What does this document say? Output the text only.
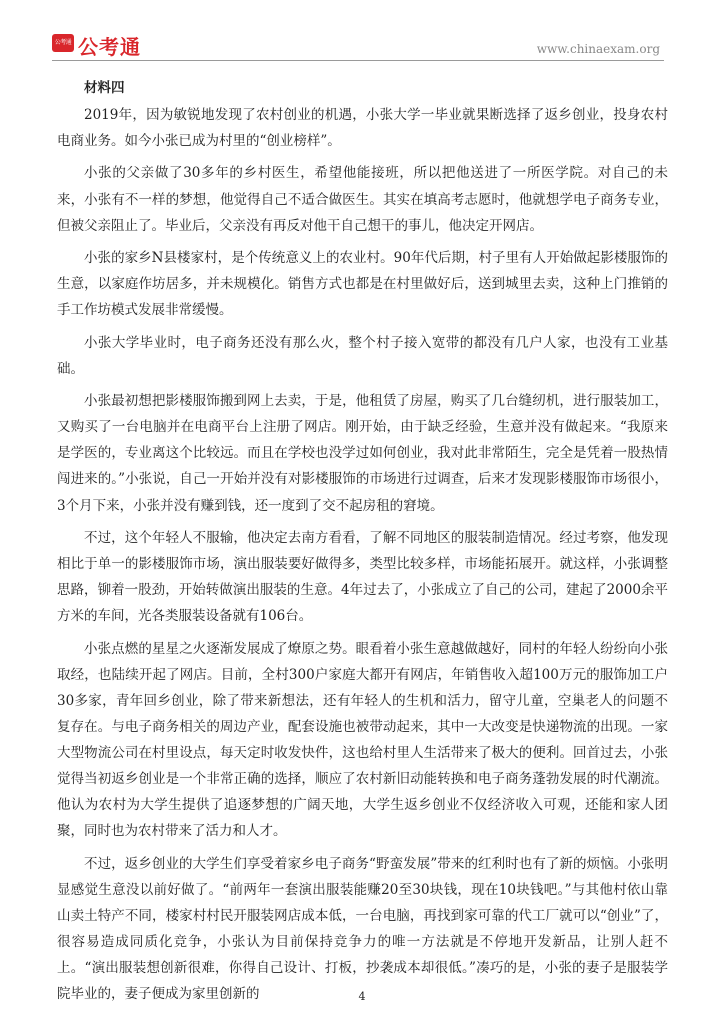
公考通 公考通	www.chinaexam.org
材料四

2019年，因为敏锐地发现了农村创业的机遇，小张大学一毕业就果断选择了返乡创业，投身农村电商业务。如今小张已成为村里的“创业榜样”。

小张的父亲做了30多年的乡村医生，希望他能接班，所以把他送进了一所医学院。对自己的未来，小张有不一样的梦想，他觉得自己不适合做医生。其实在填高考志愿时，他就想学电子商务专业，但被父亲阻止了。毕业后，父亲没有再反对他干自己想干的事儿，他决定开网店。

小张的家乡N县楼家村，是个传统意义上的农业村。90年代后期，村子里有人开始做起影楼服饰的生意，以家庭作坊居多，并未规模化。销售方式也都是在村里做好后，送到城里去卖，这种上门推销的手工作坊模式发展非常缓慢。

小张大学毕业时，电子商务还没有那么火，整个村子接入宽带的都没有几户人家，也没有工业基础。

小张最初想把影楼服饰搬到网上去卖，于是，他租赁了房屋，购买了几台缝纫机，进行服装加工，又购买了一台电脑并在电商平台上注册了网店。刚开始，由于缺乏经验，生意并没有做起来。“我原来是学医的，专业离这个比较远。而且在学校也没学过如何创业，我对此非常陌生，完全是凭着一股热情闯进来的。”小张说，自己一开始并没有对影楼服饰的市场进行过调查，后来才发现影楼服饰市场很小，3个月下来，小张并没有赚到钱，还一度到了交不起房租的窘境。

不过，这个年轻人不服输，他决定去南方看看，了解不同地区的服装制造情况。经过考察，他发现相比于单一的影楼服饰市场，演出服装要好做得多，类型比较多样，市场能拓展开。就这样，小张调整思路，铆着一股劲，开始转做演出服装的生意。4年过去了，小张成立了自己的公司，建起了2000余平方米的车间，光各类服装设备就有106台。

小张点燃的星星之火逐渐发展成了燎原之势。眼看着小张生意越做越好，同村的年轻人纷纷向小张取经，也陆续开起了网店。目前，全村300户家庭大都开有网店，年销售收入超100万元的服饰加工户30多家，青年回乡创业，除了带来新想法，还有年轻人的生机和活力，留守儿童，空巢老人的问题不复存在。与电子商务相关的周边产业，配套设施也被带动起来，其中一大改变是快递物流的出现。一家大型物流公司在村里设点，每天定时收发快件，这也给村里人生活带来了极大的便利。回首过去，小张觉得当初返乡创业是一个非常正确的选择，顺应了农村新旧动能转换和电子商务蓬勃发展的时代潮流。他认为农村为大学生提供了追逐梦想的广阔天地，大学生返乡创业不仅经济收入可观，还能和家人团聚，同时也为农村带来了活力和人才。

不过，返乡创业的大学生们享受着家乡电子商务“野蛮发展”带来的红利时也有了新的烦恼。小张明显感觉生意没以前好做了。“前两年一套演出服装能赚20至30块钱，现在10块钱吧。”与其他村依山靠山卖土特产不同，楼家村村民开服装网店成本低，一台电脑，再找到家可靠的代工厂就可以“创业”了，很容易造成同质化竞争，小张认为目前保持竞争力的唯一方法就是不停地开发新品，让别人赶不上。“演出服装想创新很难，你得自己设计、打板，抄袭成本却很低。”凑巧的是，小张的妻子是服装学院毕业的，妻子便成为家里创新的	4
